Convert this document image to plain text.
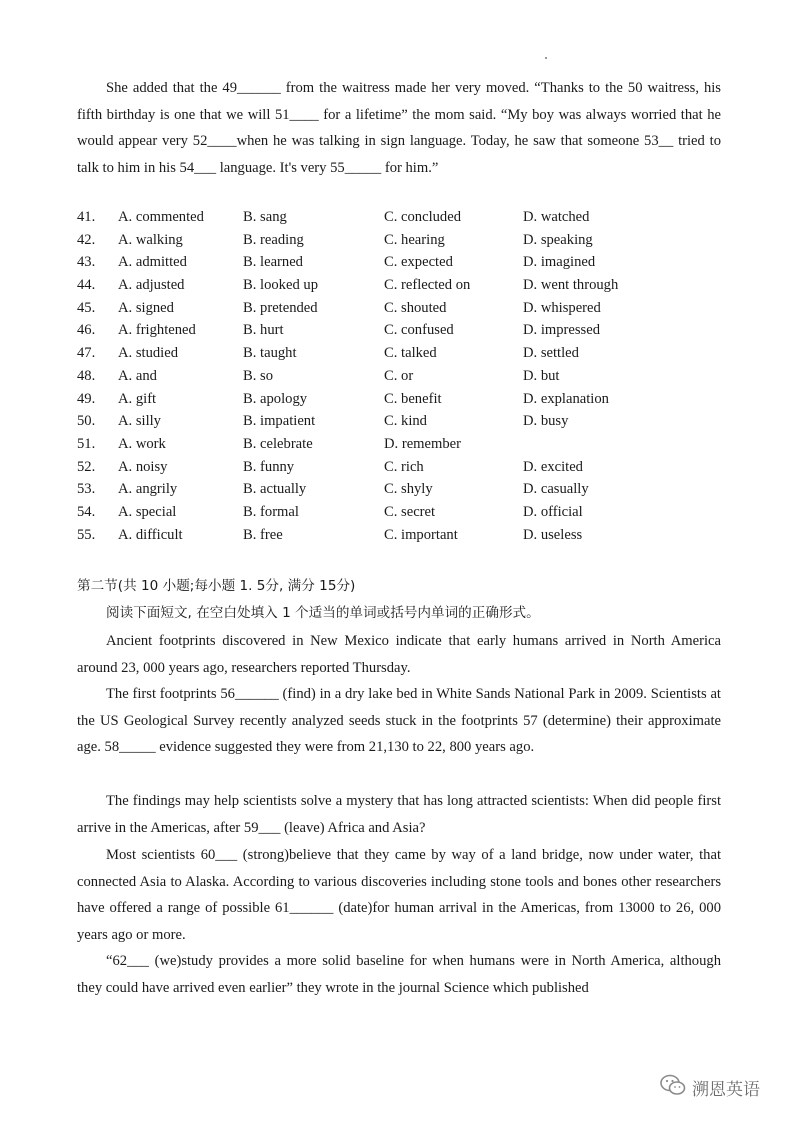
She added that the 49______ from the waitress made her very moved. “Thanks to the 50 waitress, his fifth birthday is one that we will 51____ for a lifetime” the mom said. “My boy was always worried that he would appear very 52____when he was talking in sign language. Today, he saw that someone 53__ tried to talk to him in his 54___ language. It's very 55_____ for him.”

41. A. commented	B. sang	C. concluded	D. watched
42. A. walking	B. reading	C. hearing	D. speaking
43. A. admitted	B. learned	C. expected	D. imagined
44. A. adjusted	B. looked up	C. reflected on	D. went through
45. A. signed	B. pretended	C. shouted	D. whispered
46. A. frightened	B. hurt	C. confused	D. impressed
47. A. studied	B. taught	C. talked	D. settled
48. A. and	B. so	C. or	D. but
49. A. gift	B. apology	C. benefit	D. explanation
50. A. silly	B. impatient	C. kind	D. busy
51. A. work	B. celebrate	D. remember
52. A. noisy	B. funny	C. rich	D. excited
53. A. angrily	B. actually	C. shyly	D. casually
54. A. special	B. formal	C. secret	D. official
55. A. difficult	B. free	C. important	D. useless
第二节(共 10 小题;每小题 1. 5分, 满分 15分)
阅读下面短文, 在空白处填入 1 个适当的单词或括号内单词的正确形式。

Ancient footprints discovered in New Mexico indicate that early humans arrived in North America around 23, 000 years ago, researchers reported Thursday.

The first footprints 56______ (find) in a dry lake bed in White Sands National Park in 2009. Scientists at the US Geological Survey recently analyzed seeds stuck in the footprints 57 (determine) their approximate age. 58_____ evidence suggested they were from 21,130 to 22, 800 years ago.

The findings may help scientists solve a mystery that has long attracted scientists: When did people first arrive in the Americas, after 59___ (leave) Africa and Asia?

Most scientists 60___ (strong)believe that they came by way of a land bridge, now under water, that connected Asia to Alaska. According to various discoveries including stone tools and bones other researchers have offered a range of possible 61______ (date)for human arrival in the Americas, from 13000 to 26, 000 years ago or more.

“62___ (we)study provides a more solid baseline for when humans were in North America, although they could have arrived even earlier” they wrote in the journal Science which published

溯恩英语
